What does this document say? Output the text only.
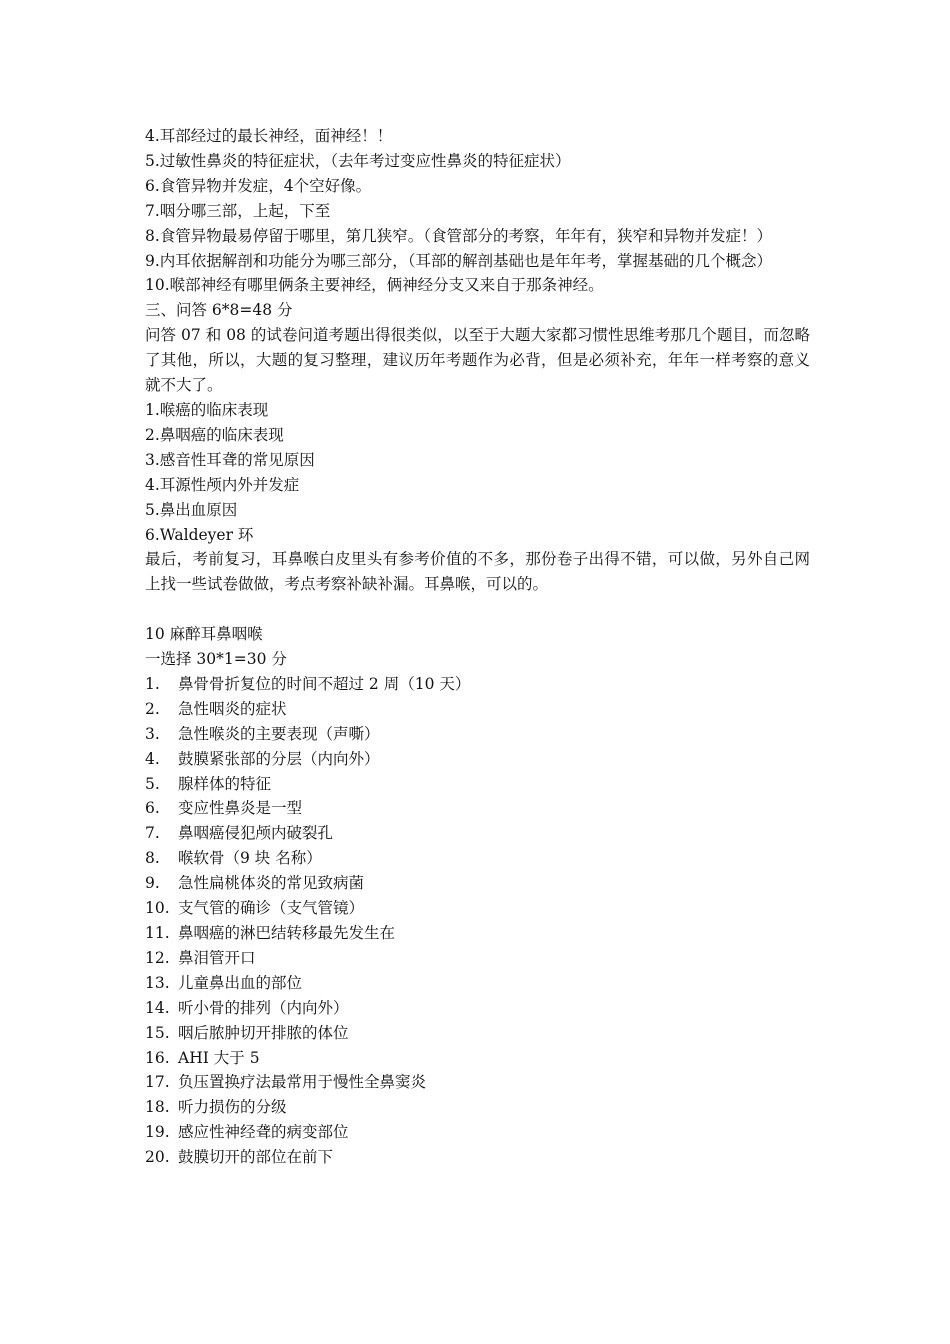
4.耳部经过的最长神经，面神经！！

5.过敏性鼻炎的特征症状，（去年考过变应性鼻炎的特征症状）

6.食管异物并发症，4个空好像。

7.咽分哪三部，上起，下至

8.食管异物最易停留于哪里，第几狭窄。（食管部分的考察，年年有，狭窄和异物并发症！）

9.内耳依据解剖和功能分为哪三部分，（耳部的解剖基础也是年年考，掌握基础的几个概念）

10.喉部神经有哪里俩条主要神经，俩神经分支又来自于那条神经。

三、问答 6*8=48 分

问答 07 和 08 的试卷问道考题出得很类似，以至于大题大家都习惯性思维考那几个题目，而忽略了其他，所以，大题的复习整理，建议历年考题作为必背，但是必须补充，年年一样考察的意义就不大了。

1.喉癌的临床表现

2.鼻咽癌的临床表现

3.感音性耳聋的常见原因

4.耳源性颅内外并发症

5.鼻出血原因

6.Waldeyer 环

最后，考前复习，耳鼻喉白皮里头有参考价值的不多，那份卷子出得不错，可以做，另外自己网上找一些试卷做做，考点考察补缺补漏。耳鼻喉，可以的。

10 麻醉耳鼻咽喉

一选择 30*1=30 分

1.	鼻骨骨折复位的时间不超过 2 周（10 天）
2.	急性咽炎的症状
3.	急性喉炎的主要表现（声嘶）
4.	鼓膜紧张部的分层（内向外）
5.	腺样体的特征
6.	变应性鼻炎是一型
7.	鼻咽癌侵犯颅内破裂孔
8.	喉软骨（9 块 名称）
9.	急性扁桃体炎的常见致病菌
10. 支气管的确诊（支气管镜）
11. 鼻咽癌的淋巴结转移最先发生在
12. 鼻泪管开口
13. 儿童鼻出血的部位
14. 听小骨的排列（内向外）
15. 咽后脓肿切开排脓的体位
16. AHI 大于 5
17. 负压置换疗法最常用于慢性全鼻窦炎
18. 听力损伤的分级
19. 感应性神经聋的病变部位
20. 鼓膜切开的部位在前下
